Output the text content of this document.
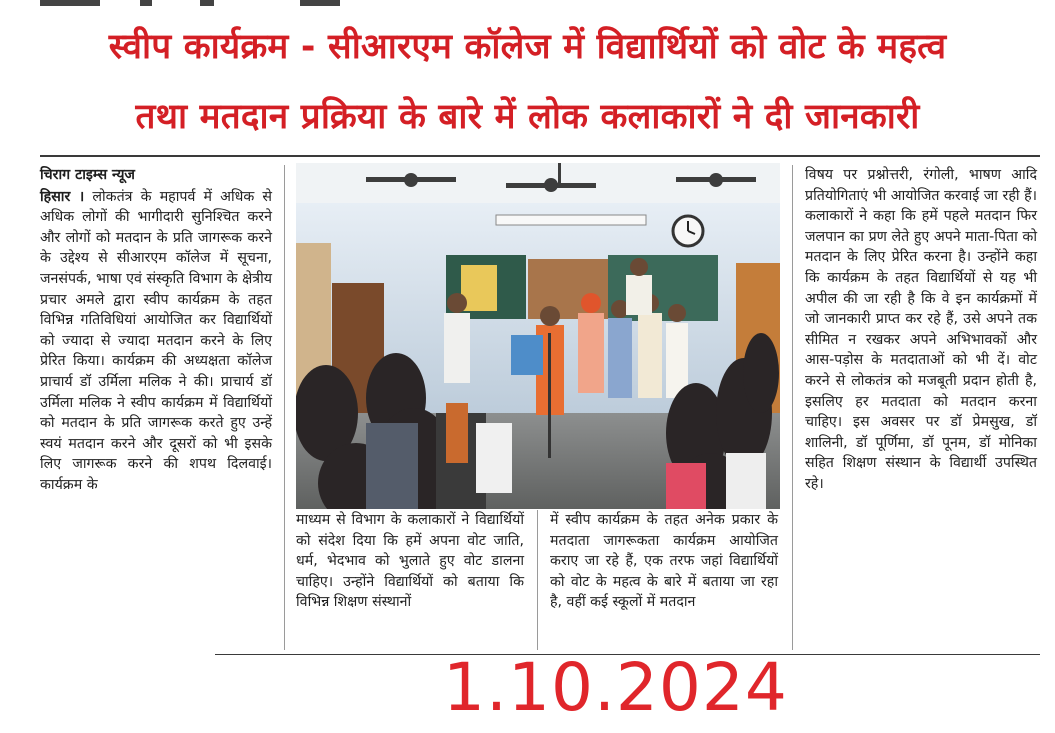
स्वीप कार्यक्रम - सीआरएम कॉलेज में विद्यार्थियों को वोट के महत्व
तथा मतदान प्रक्रिया के बारे में लोक कलाकारों ने दी जानकारी
चिराग टाइम्स न्यूज
हिसार । लोकतंत्र के महापर्व में अधिक से अधिक लोगों की भागीदारी सुनिश्चित करने और लोगों को मतदान के प्रति जागरूक करने के उद्देश्य से सीआरएम कॉलेज में सूचना, जनसंपर्क, भाषा एवं संस्कृति विभाग के क्षेत्रीय प्रचार अमले द्वारा स्वीप कार्यक्रम के तहत विभिन्न गतिविधियां आयोजित कर विद्यार्थियों को ज्यादा से ज्यादा मतदान करने के लिए प्रेरित किया। कार्यक्रम की अध्यक्षता कॉलेज प्राचार्य डॉ उर्मिला मलिक ने की। प्राचार्य डॉ उर्मिला मलिक ने स्वीप कार्यक्रम में विद्यार्थियों को मतदान के प्रति जागरूक करते हुए उन्हें स्वयं मतदान करने और दूसरों को भी इसके लिए जागरूक करने की शपथ दिलवाई। कार्यक्रम के
माध्यम से विभाग के कलाकारों ने विद्यार्थियों को संदेश दिया कि हमें अपना वोट जाति, धर्म, भेदभाव को भुलाते हुए वोट डालना चाहिए। उन्होंने विद्यार्थियों को बताया कि विभिन्न शिक्षण संस्थानों
में स्वीप कार्यक्रम के तहत अनेक प्रकार के मतदाता जागरूकता कार्यक्रम आयोजित कराए जा रहे हैं, एक तरफ जहां विद्यार्थियों को वोट के महत्व के बारे में बताया जा रहा है, वहीं कई स्कूलों में मतदान
विषय पर प्रश्नोत्तरी, रंगोली, भाषण आदि प्रतियोगिताएं भी आयोजित करवाई जा रही हैं। कलाकारों ने कहा कि हमें पहले मतदान फिर जलपान का प्रण लेते हुए अपने माता-पिता को मतदान के लिए प्रेरित करना है। उन्होंने कहा कि कार्यक्रम के तहत विद्यार्थियों से यह भी अपील की जा रही है कि वे इन कार्यक्रमों में जो जानकारी प्राप्त कर रहे हैं, उसे अपने तक सीमित न रखकर अपने अभिभावकों और आस-पड़ोस के मतदाताओं को भी दें। वोट करने से लोकतंत्र को मजबूती प्रदान होती है, इसलिए हर मतदाता को मतदान करना चाहिए। इस अवसर पर डॉ प्रेमसुख, डॉ शालिनी, डॉ पूर्णिमा, डॉ पूनम, डॉ मोनिका सहित शिक्षण संस्थान के विद्यार्थी उपस्थित रहे।
1.10.2024
